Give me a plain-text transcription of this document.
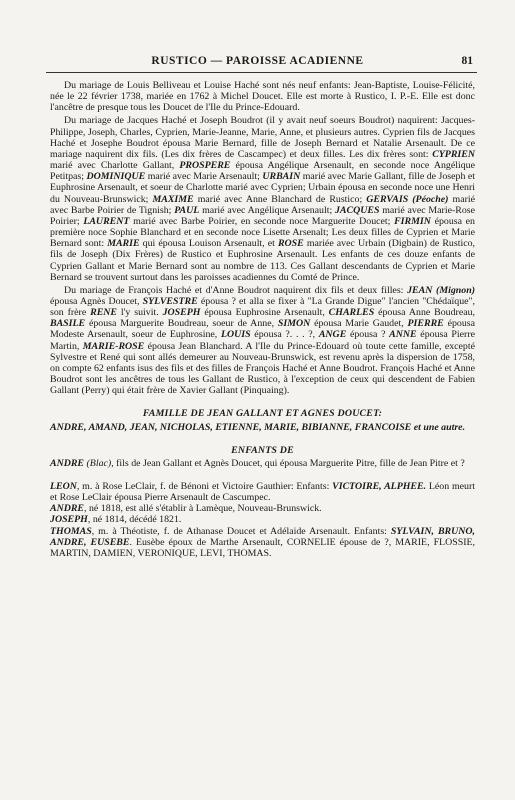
RUSTICO — PAROISSE ACADIENNE	81

Du mariage de Louis Belliveau et Louise Haché sont nés neuf enfants: Jean-Baptiste, Louise-Félicité, née le 22 février 1738, mariée en 1762 à Michel Doucet. Elle est morte à Rustico, I. P.-E. Elle est donc l'ancêtre de presque tous les Doucet de l'Ile du Prince-Edouard.

Du mariage de Jacques Haché et Joseph Boudrot (il y avait neuf soeurs Boudrot) naquirent: Jacques-Philippe, Joseph, Charles, Cyprien, Marie-Jeanne, Marie, Anne, et plusieurs autres. Cyprien fils de Jacques Haché et Josephe Boudrot épousa Marie Bernard, fille de Joseph Bernard et Natalie Arsenault. De ce mariage naquirent dix fils. (Les dix frères de Cascampec) et deux filles. Les dix frères sont: CYPRIEN marié avec Charlotte Gallant, PROSPERE épousa Angélique Arsenault, en seconde noce Angélique Petitpas; DOMINIQUE marié avec Marie Arsenault; URBAIN marié avec Marie Gallant, fille de Joseph et Euphrosine Arsenault, et soeur de Charlotte marié avec Cyprien; Urbain épousa en seconde noce une Henri du Nouveau-Brunswick; MAXIME marié avec Anne Blanchard de Rustico; GERVAIS (Péoche) marié avec Barbe Poirier de Tignish; PAUL marié avec Angélique Arsenault; JACQUES marié avec Marie-Rose Poirier; LAURENT marié avec Barbe Poirier, en seconde noce Marguerite Doucet; FIRMIN épousa en première noce Sophie Blanchard et en seconde noce Lisette Arsenalt; Les deux filles de Cyprien et Marie Bernard sont: MARIE qui épousa Louison Arsenault, et ROSE mariée avec Urbain (Digbain) de Rustico, fils de Joseph (Dix Frères) de Rustico et Euphrosine Arsenault. Les enfants de ces douze enfants de Cyprien Gallant et Marie Bernard sont au nombre de 113. Ces Gallant descendants de Cyprien et Marie Bernard se trouvent surtout dans les paroisses acadiennes du Comté de Prince.

Du mariage de François Haché et d'Anne Boudrot naquirent dix fils et deux filles: JEAN (Mignon) épousa Agnès Doucet, SYLVESTRE épousa ? et alla se fixer à "La Grande Digue" l'ancien "Chédaïque", son frère RENE l'y suivit. JOSEPH épousa Euphrosine Arsenault, CHARLES épousa Anne Boudreau, BASILE épousa Marguerite Boudreau, soeur de Anne, SIMON épousa Marie Gaudet, PIERRE épousa Modeste Arsenault, soeur de Euphrosine, LOUIS épousa ?. . . ?, ANGE épousa ? ANNE épousa Pierre Martin, MARIE-ROSE épousa Jean Blanchard. A l'Ile du Prince-Edouard où toute cette famille, excepté Sylvestre et René qui sont allés demeurer au Nouveau-Brunswick, est revenu après la dispersion de 1758, on compte 62 enfants isus des fils et des filles de François Haché et Anne Boudrot. François Haché et Anne Boudrot sont les ancêtres de tous les Gallant de Rustico, à l'exception de ceux qui descendent de Fabien Gallant (Perry) qui était frère de Xavier Gallant (Pinquaing).

FAMILLE DE JEAN GALLANT ET AGNES DOUCET:

ANDRE, AMAND, JEAN, NICHOLAS, ETIENNE, MARIE, BIBIANNE, FRANCOISE et une autre.

ENFANTS DE

ANDRE (Blac), fils de Jean Gallant et Agnès Doucet, qui épousa Marguerite Pitre, fille de Jean Pitre et ?

LEON, m. à Rose LeClair, f. de Bénoni et Victoire Gauthier: Enfants: VICTOIRE, ALPHEE. Léon meurt et Rose LeClair épousa Pierre Arsenault de Cascumpec.

ANDRE, né 1818, est allé s'établir à Lamèque, Nouveau-Brunswick.

JOSEPH, né 1814, décédé 1821.

THOMAS, m. à Théotiste, f. de Athanase Doucet et Adélaide Arsenault. Enfants: SYLVAIN, BRUNO, ANDRE, EUSEBE. Eusèbe époux de Marthe Arsenault, CORNELIE épouse de ?, MARIE, FLOSSIE, MARTIN, DAMIEN, VERONIQUE, LEVI, THOMAS.
